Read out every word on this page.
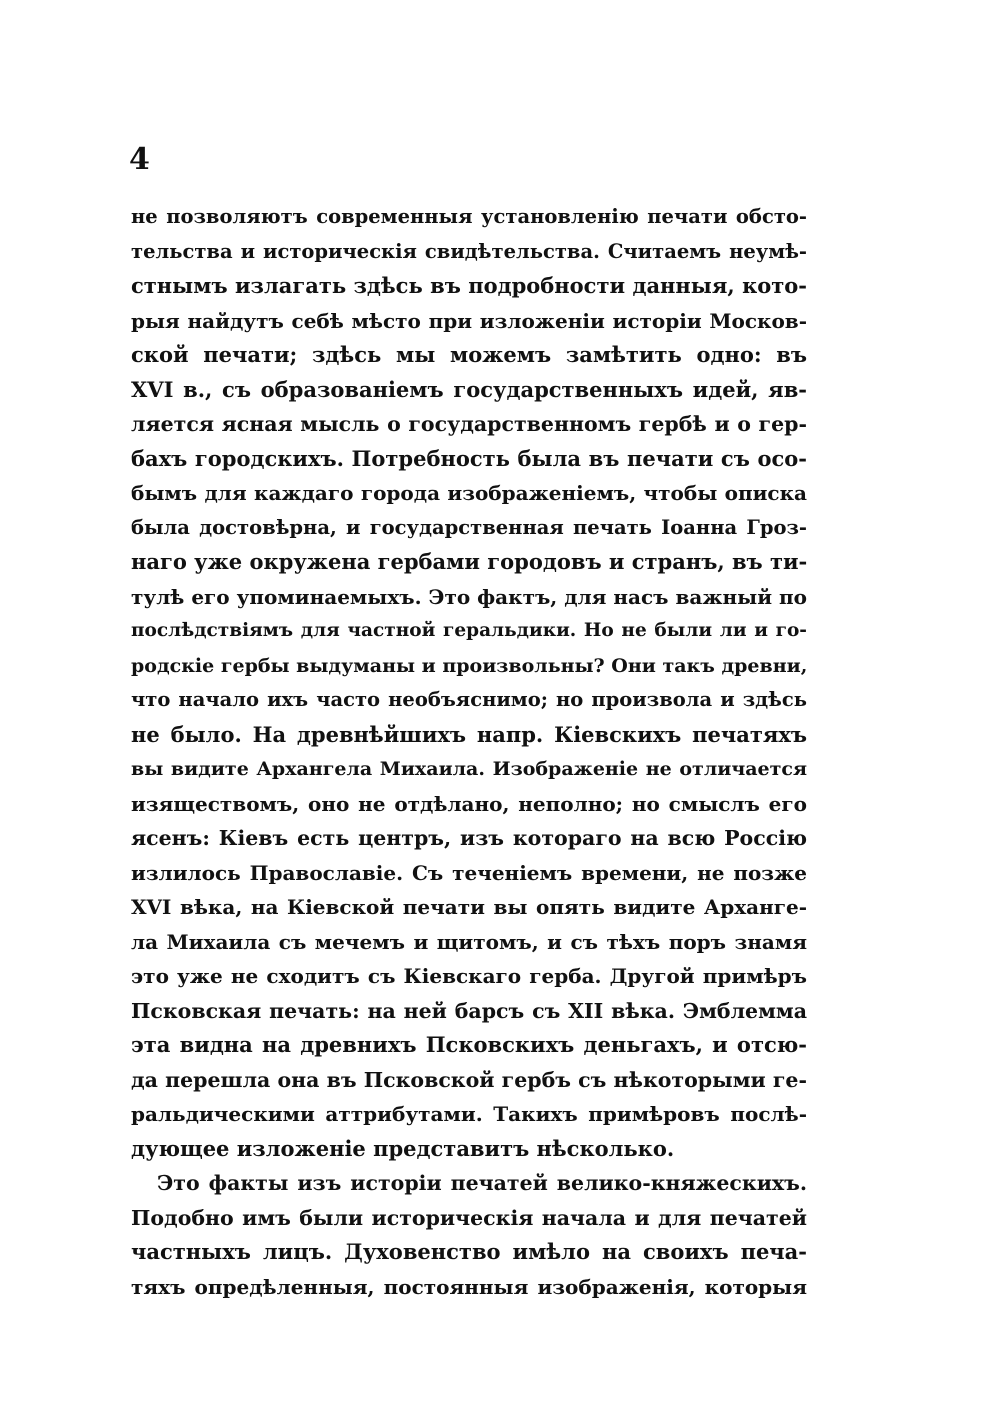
4
не позволяютъ современныя установленію печати обсто-
тельства и историческія свидѣтельства. Считаемъ неумѣ-
стнымъ излагать здѣсь въ подробности данныя, кото-
рыя найдутъ себѣ мѣсто при изложеніи исторіи Москов-
ской печати; здѣсь мы можемъ замѣтить одно: въ
XVI в., съ образованіемъ государственныхъ идей, яв-
ляется ясная мысль о государственномъ гербѣ и о гер-
бахъ городскихъ. Потребность была въ печати съ осо-
бымъ для каждаго города изображеніемъ, чтобы описка
была достовѣрна, и государственная печать Іоанна Гроз-
наго уже окружена гербами городовъ и странъ, въ ти-
тулѣ его упоминаемыхъ. Это фактъ, для насъ важный по
послѣдствіямъ для частной геральдики. Но не были ли и го-
родскіе гербы выдуманы и произвольны? Они такъ древни,
что начало ихъ часто необъяснимо; но произвола и здѣсь
не было. На древнѣйшихъ напр. Кіевскихъ печатяхъ
вы видите Архангела Михаила. Изображеніе не отличается
изяществомъ, оно не отдѣлано, неполно; но смыслъ его
ясенъ: Кіевъ есть центръ, изъ котораго на всю Россію
излилось Православіе. Съ теченіемъ времени, не позже
XVI вѣка, на Кіевской печати вы опять видите Арханге-
ла Михаила съ мечемъ и щитомъ, и съ тѣхъ поръ знамя
это уже не сходитъ съ Кіевскаго герба. Другой примѣръ
Псковская печать: на ней барсъ съ XII вѣка. Эмблемма
эта видна на древнихъ Псковскихъ деньгахъ, и отсю-
да перешла она въ Псковской гербъ съ нѣкоторыми ге-
ральдическими аттрибутами. Такихъ примѣровъ послѣ-
дующее изложеніе представитъ нѣсколько.
Это факты изъ исторіи печатей велико-княжескихъ.
Подобно имъ были историческія начала и для печатей
частныхъ лицъ. Духовенство имѣло на своихъ печа-
тяхъ опредѣленныя, постоянныя изображенія, которыя
